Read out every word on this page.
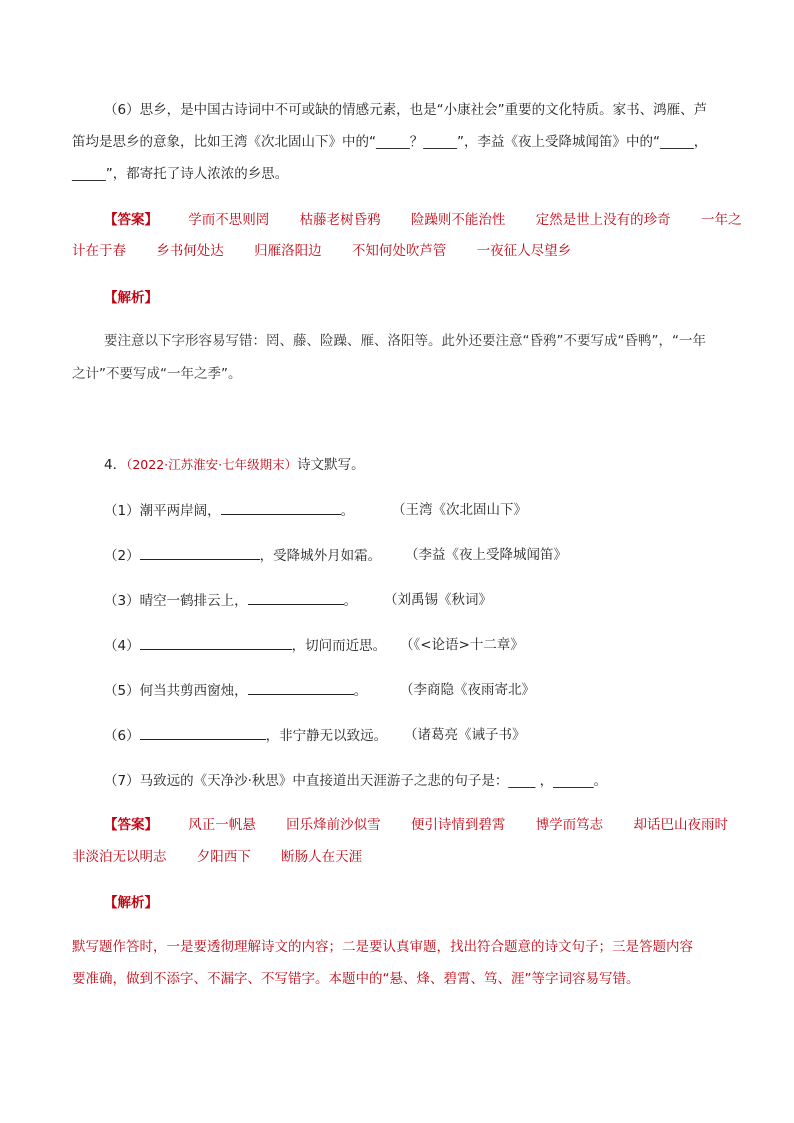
（6）思乡，是中国古诗词中不可或缺的情感元素，也是“小康社会”重要的文化特质。家书、鸿雁、芦
笛均是思乡的意象，比如王湾《次北固山下》中的“_____？_____”，李益《夜上受降城闻笛》中的“_____，
_____”，都寄托了诗人浓浓的乡思。
【答案】 学而不思则罔 枯藤老树昏鸦 险躁则不能治性 定然是世上没有的珍奇 一年之
计在于春 乡书何处达 归雁洛阳边 不知何处吹芦管 一夜征人尽望乡
【解析】
要注意以下字形容易写错：罔、藤、险躁、雁、洛阳等。此外还要注意“昏鸦”不要写成“昏鸭”，“一年
之计”不要写成“一年之季”。
4．（2022·江苏淮安·七年级期末）诗文默写。
（1）潮平两岸阔，	。	（王湾《次北固山下》
（2）	，受降城外月如霜。 （李益《夜上受降城闻笛》
（3）晴空一鹤排云上，	。 （刘禹锡《秋词》
（4）	，切问而近思。 （《<论语>十二章》
（5）何当共剪西窗烛，	。 （李商隐《夜雨寄北》
（6）	，非宁静无以致远。 （诸葛亮《诫子书》
（7）马致远的《天净沙·秋思》中直接道出天涯游子之悲的句子是：____ ，______。
【答案】 风正一帆悬 回乐烽前沙似雪 便引诗情到碧霄 博学而笃志 却话巴山夜雨时
非淡泊无以明志 夕阳西下 断肠人在天涯
【解析】
默写题作答时，一是要透彻理解诗文的内容；二是要认真审题，找出符合题意的诗文句子；三是答题内容
要准确，做到不添字、不漏字、不写错字。本题中的“悬、烽、碧霄、笃、涯”等字词容易写错。
